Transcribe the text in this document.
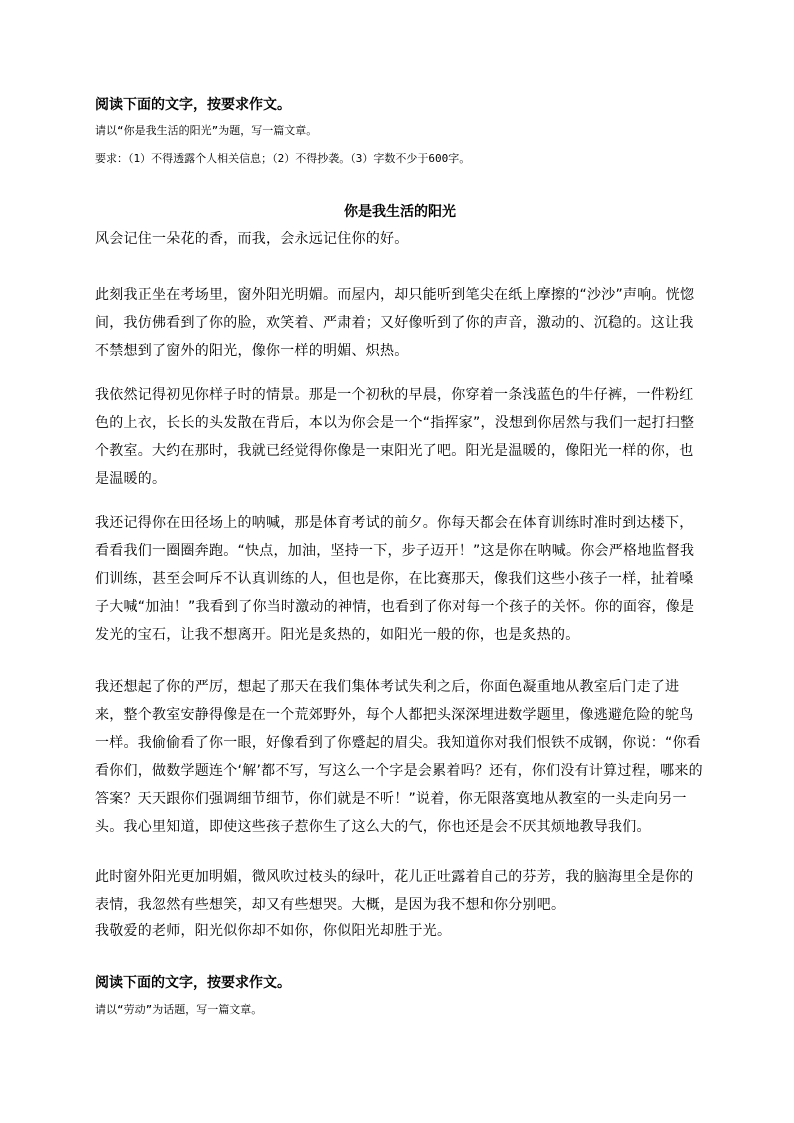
阅读下面的文字，按要求作文。
请以“你是我生活的阳光”为题，写一篇文章。
要求：（1）不得透露个人相关信息；（2）不得抄袭。（3）字数不少于600字。
你是我生活的阳光
风会记住一朵花的香，而我，会永远记住你的好。
此刻我正坐在考场里，窗外阳光明媚。而屋内，却只能听到笔尖在纸上摩擦的“沙沙”声响。恍惚间，我仿佛看到了你的脸，欢笑着、严肃着；又好像听到了你的声音，激动的、沉稳的。这让我不禁想到了窗外的阳光，像你一样的明媚、炽热。
我依然记得初见你样子时的情景。那是一个初秋的早晨，你穿着一条浅蓝色的牛仔裤，一件粉红色的上衣，长长的头发散在背后，本以为你会是一个“指挥家”，没想到你居然与我们一起打扫整个教室。大约在那时，我就已经觉得你像是一束阳光了吧。阳光是温暖的，像阳光一样的你，也是温暖的。
我还记得你在田径场上的呐喊，那是体育考试的前夕。你每天都会在体育训练时准时到达楼下，看看我们一圈圈奔跑。“快点，加油，坚持一下，步子迈开！”这是你在呐喊。你会严格地监督我们训练，甚至会呵斥不认真训练的人，但也是你，在比赛那天，像我们这些小孩子一样，扯着嗓子大喊“加油！”我看到了你当时激动的神情，也看到了你对每一个孩子的关怀。你的面容，像是发光的宝石，让我不想离开。阳光是炙热的，如阳光一般的你，也是炙热的。
我还想起了你的严厉，想起了那天在我们集体考试失利之后，你面色凝重地从教室后门走了进来，整个教室安静得像是在一个荒郊野外，每个人都把头深深埋进数学题里，像逃避危险的鸵鸟一样。我偷偷看了你一眼，好像看到了你蹙起的眉尖。我知道你对我们恨铁不成钢，你说：“你看看你们，做数学题连个‘解’都不写，写这么一个字是会累着吗？还有，你们没有计算过程，哪来的答案？天天跟你们强调细节细节，你们就是不听！”说着，你无限落寞地从教室的一头走向另一头。我心里知道，即使这些孩子惹你生了这么大的气，你也还是会不厌其烦地教导我们。
此时窗外阳光更加明媚，微风吹过枝头的绿叶，花儿正吐露着自己的芬芳，我的脑海里全是你的表情，我忽然有些想笑，却又有些想哭。大概，是因为我不想和你分别吧。
我敬爱的老师，阳光似你却不如你，你似阳光却胜于光。
阅读下面的文字，按要求作文。
请以“劳动”为话题，写一篇文章。
